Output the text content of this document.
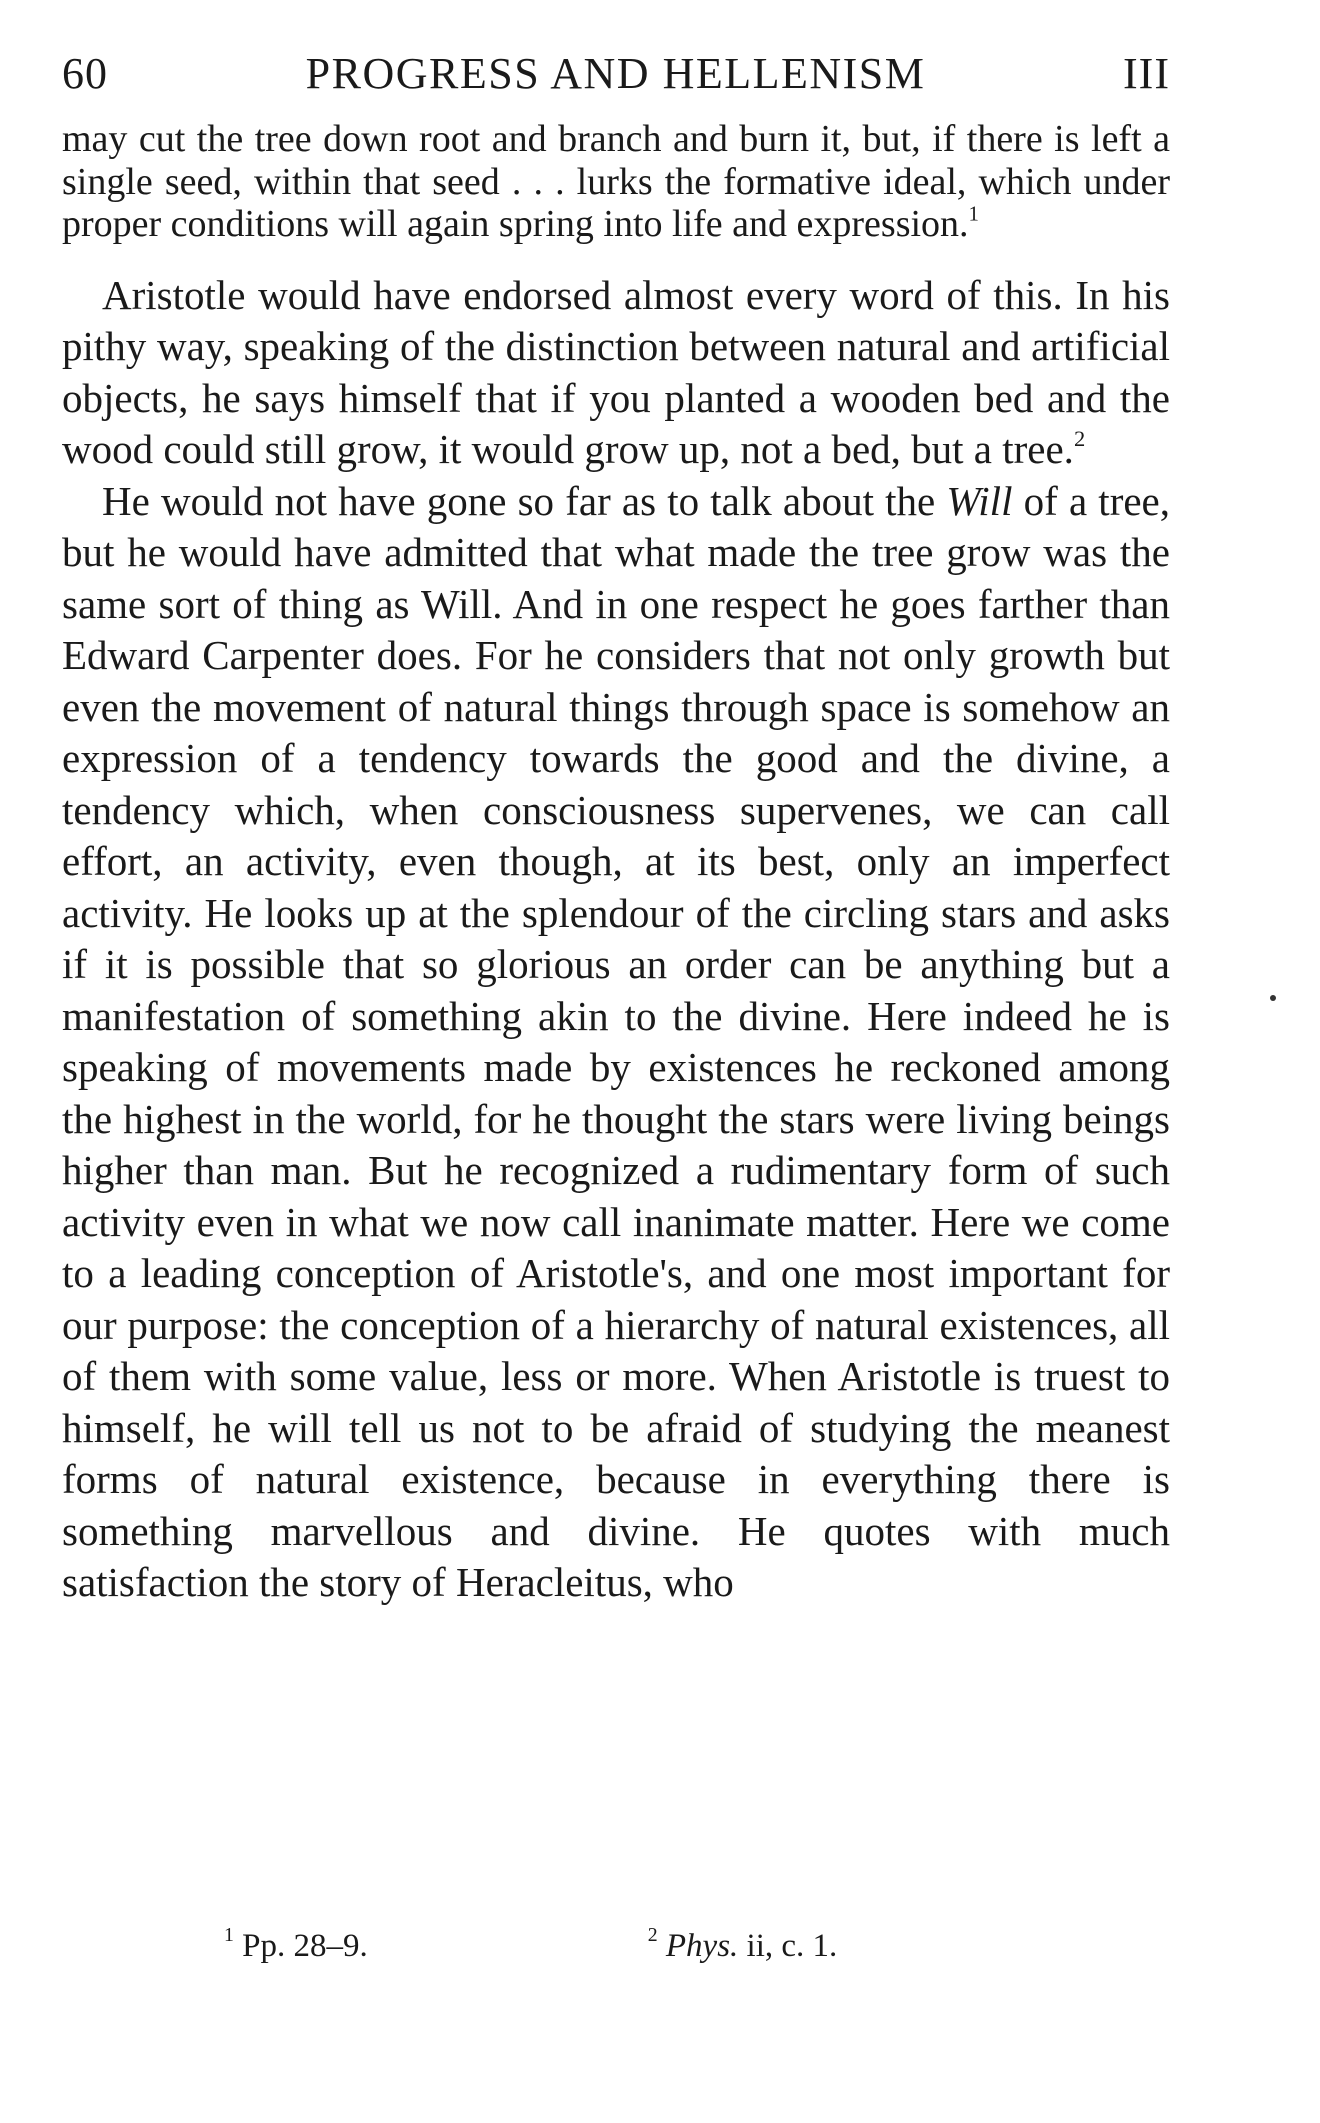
60	PROGRESS AND HELLENISM	III

may cut the tree down root and branch and burn it, but, if there is left a single seed, within that seed . . . lurks the formative ideal, which under proper conditions will again spring into life and expression.$^1$

Aristotle would have endorsed almost every word of this. In his pithy way, speaking of the distinction between natural and artificial objects, he says himself that if you planted a wooden bed and the wood could still grow, it would grow up, not a bed, but a tree.$^2$

He would not have gone so far as to talk about the Will of a tree, but he would have admitted that what made the tree grow was the same sort of thing as Will. And in one respect he goes farther than Edward Carpenter does. For he considers that not only growth but even the movement of natural things through space is somehow an expression of a tendency towards the good and the divine, a tendency which, when consciousness supervenes, we can call effort, an activity, even though, at its best, only an imperfect activity. He looks up at the splendour of the circling stars and asks if it is possible that so glorious an order can be anything but a manifestation of something akin to the divine. Here indeed he is speaking of movements made by existences he reckoned among the highest in the world, for he thought the stars were living beings higher than man. But he recognized a rudimentary form of such activity even in what we now call inanimate matter. Here we come to a leading conception of Aristotle's, and one most important for our purpose: the conception of a hierarchy of natural existences, all of them with some value, less or more. When Aristotle is truest to himself, he will tell us not to be afraid of studying the meanest forms of natural existence, because in everything there is something marvellous and divine. He quotes with much satisfaction the story of Heracleitus, who

$^1$ Pp. 28–9.	$^2$ Phys. ii, c. 1.
